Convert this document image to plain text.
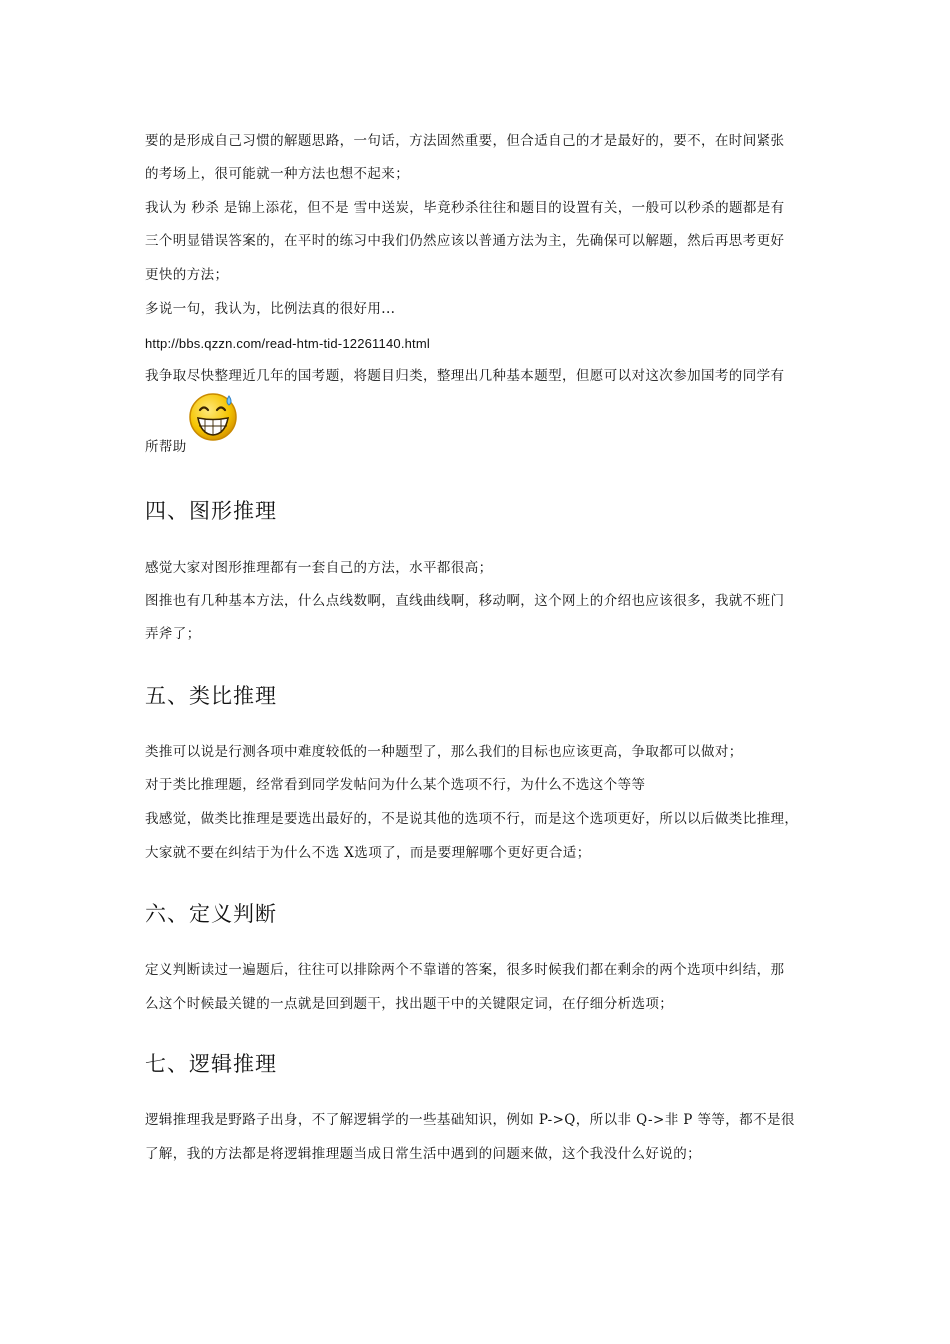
要的是形成自己习惯的解题思路，一句话，方法固然重要，但合适自己的才是最好的，要不，在时间紧张
的考场上，很可能就一种方法也想不起来；
我认为 秒杀 是锦上添花，但不是 雪中送炭，毕竟秒杀往往和题目的设置有关，一般可以秒杀的题都是有
三个明显错误答案的，在平时的练习中我们仍然应该以普通方法为主，先确保可以解题，然后再思考更好
更快的方法；
多说一句，我认为，比例法真的很好用...
http://bbs.qzzn.com/read-htm-tid-12261140.html
我争取尽快整理近几年的国考题，将题目归类，整理出几种基本题型，但愿可以对这次参加国考的同学有
所帮助
四、图形推理
感觉大家对图形推理都有一套自己的方法，水平都很高；
图推也有几种基本方法，什么点线数啊，直线曲线啊，移动啊，这个网上的介绍也应该很多，我就不班门
弄斧了；
五、类比推理
类推可以说是行测各项中难度较低的一种题型了，那么我们的目标也应该更高，争取都可以做对；
对于类比推理题，经常看到同学发帖问为什么某个选项不行，为什么不选这个等等
我感觉，做类比推理是要选出最好的，不是说其他的选项不行，而是这个选项更好，所以以后做类比推理，
大家就不要在纠结于为什么不选 X选项了，而是要理解哪个更好更合适；
六、定义判断
定义判断读过一遍题后，往往可以排除两个不靠谱的答案，很多时候我们都在剩余的两个选项中纠结，那
么这个时候最关键的一点就是回到题干，找出题干中的关键限定词，在仔细分析选项；
七、逻辑推理
逻辑推理我是野路子出身，不了解逻辑学的一些基础知识，例如 P->Q，所以非 Q->非 P 等等，都不是很
了解，我的方法都是将逻辑推理题当成日常生活中遇到的问题来做，这个我没什么好说的；
